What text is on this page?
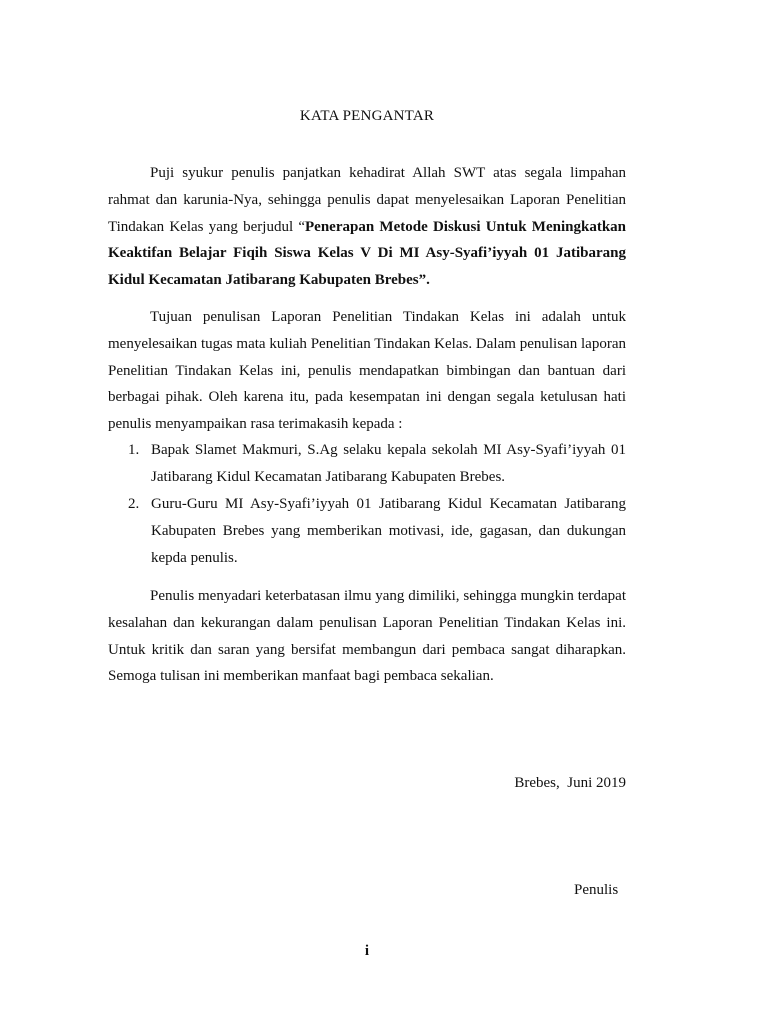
KATA PENGANTAR

Puji syukur penulis panjatkan kehadirat Allah SWT atas segala limpahan rahmat dan karunia-Nya, sehingga penulis dapat menyelesaikan Laporan Penelitian Tindakan Kelas yang berjudul “Penerapan Metode Diskusi Untuk Meningkatkan Keaktifan Belajar Fiqih Siswa Kelas V Di MI Asy-Syafi’iyyah 01 Jatibarang Kidul Kecamatan Jatibarang Kabupaten Brebes”.

Tujuan penulisan Laporan Penelitian Tindakan Kelas ini adalah untuk menyelesaikan tugas mata kuliah Penelitian Tindakan Kelas. Dalam penulisan laporan Penelitian Tindakan Kelas ini, penulis mendapatkan bimbingan dan bantuan dari berbagai pihak. Oleh karena itu, pada kesempatan ini dengan segala ketulusan hati penulis menyampaikan rasa terimakasih kepada :

1. Bapak Slamet Makmuri, S.Ag selaku kepala sekolah MI Asy-Syafi’iyyah 01 Jatibarang Kidul Kecamatan Jatibarang Kabupaten Brebes.
2. Guru-Guru MI Asy-Syafi’iyyah 01 Jatibarang Kidul Kecamatan Jatibarang Kabupaten Brebes yang memberikan motivasi, ide, gagasan, dan dukungan kepda penulis.

Penulis menyadari keterbatasan ilmu yang dimiliki, sehingga mungkin terdapat kesalahan dan kekurangan dalam penulisan Laporan Penelitian Tindakan Kelas ini. Untuk kritik dan saran yang bersifat membangun dari pembaca sangat diharapkan. Semoga tulisan ini memberikan manfaat bagi pembaca sekalian.

Brebes,  Juni 2019
Penulis
i
